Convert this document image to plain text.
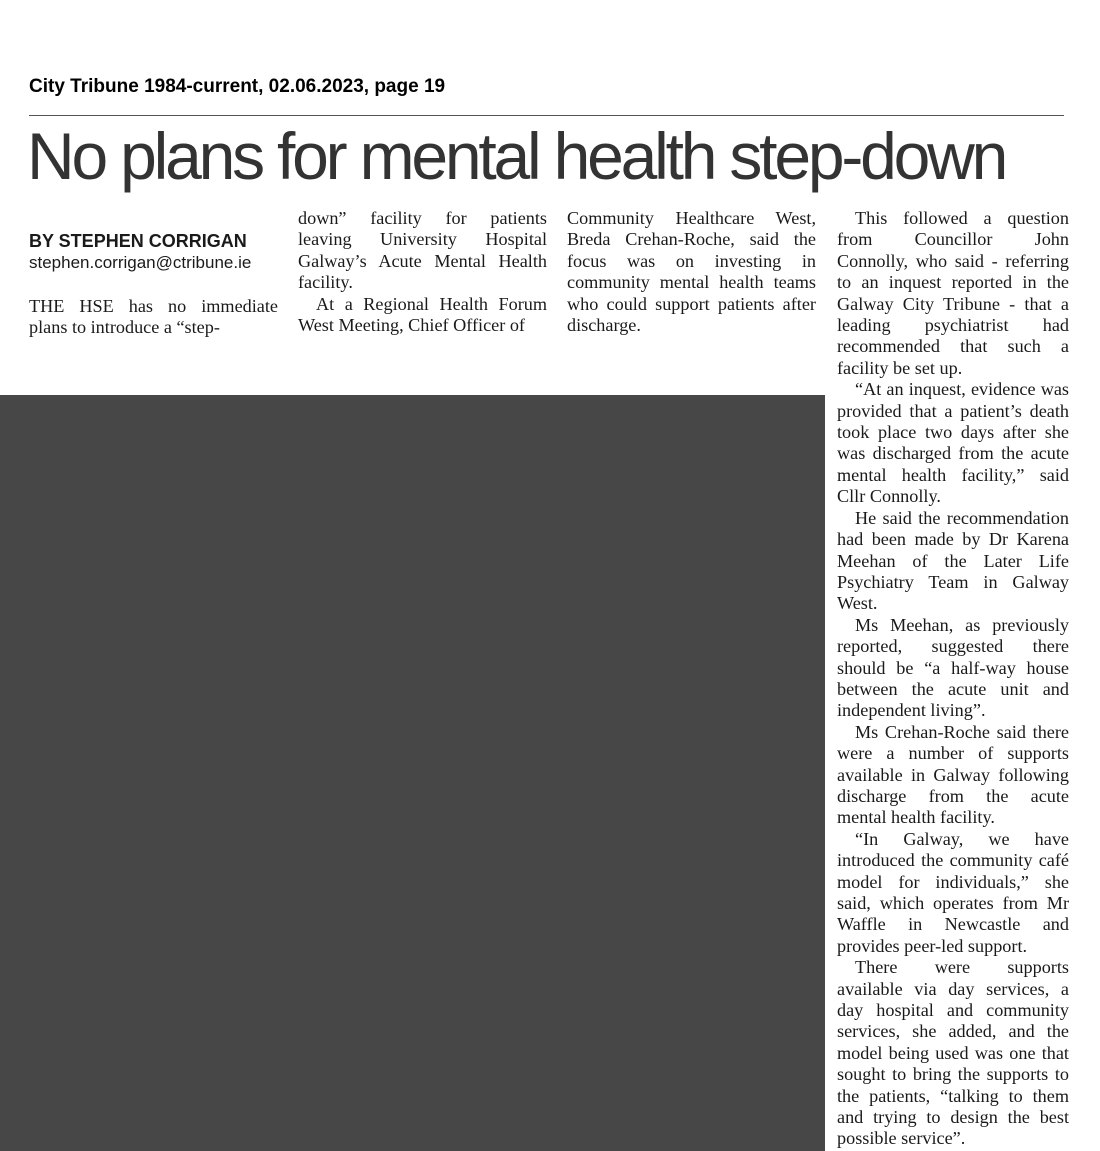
City Tribune 1984-current, 02.06.2023, page 19
No plans for mental health step-down

BY STEPHEN CORRIGAN

stephen.corrigan@ctribune.ie

THE HSE has no immediate plans to introduce a “step-

down” facility for patients leaving University Hospital Galway’s Acute Mental Health facility.

At a Regional Health Forum West Meeting, Chief Officer of

Community Healthcare West, Breda Crehan-Roche, said the focus was on investing in community mental health teams who could support patients after discharge.

This followed a question from Councillor John Connolly, who said - referring to an inquest reported in the Galway City Tribune - that a leading psychiatrist had recommended that such a facility be set up.

“At an inquest, evidence was provided that a patient’s death took place two days after she was discharged from the acute mental health facility,” said Cllr Connolly.

He said the recommendation had been made by Dr Karena Meehan of the Later Life Psychiatry Team in Galway West.

Ms Meehan, as previously reported, suggested there should be “a half-way house between the acute unit and independent living”.

Ms Crehan-Roche said there were a number of supports available in Galway following discharge from the acute mental health facility.

“In Galway, we have introduced the community café model for individuals,” she said, which operates from Mr Waffle in Newcastle and provides peer-led support.

There were supports available via day services, a day hospital and community services, she added, and the model being used was one that sought to bring the supports to the patients, “talking to them and trying to design the best possible service”.
